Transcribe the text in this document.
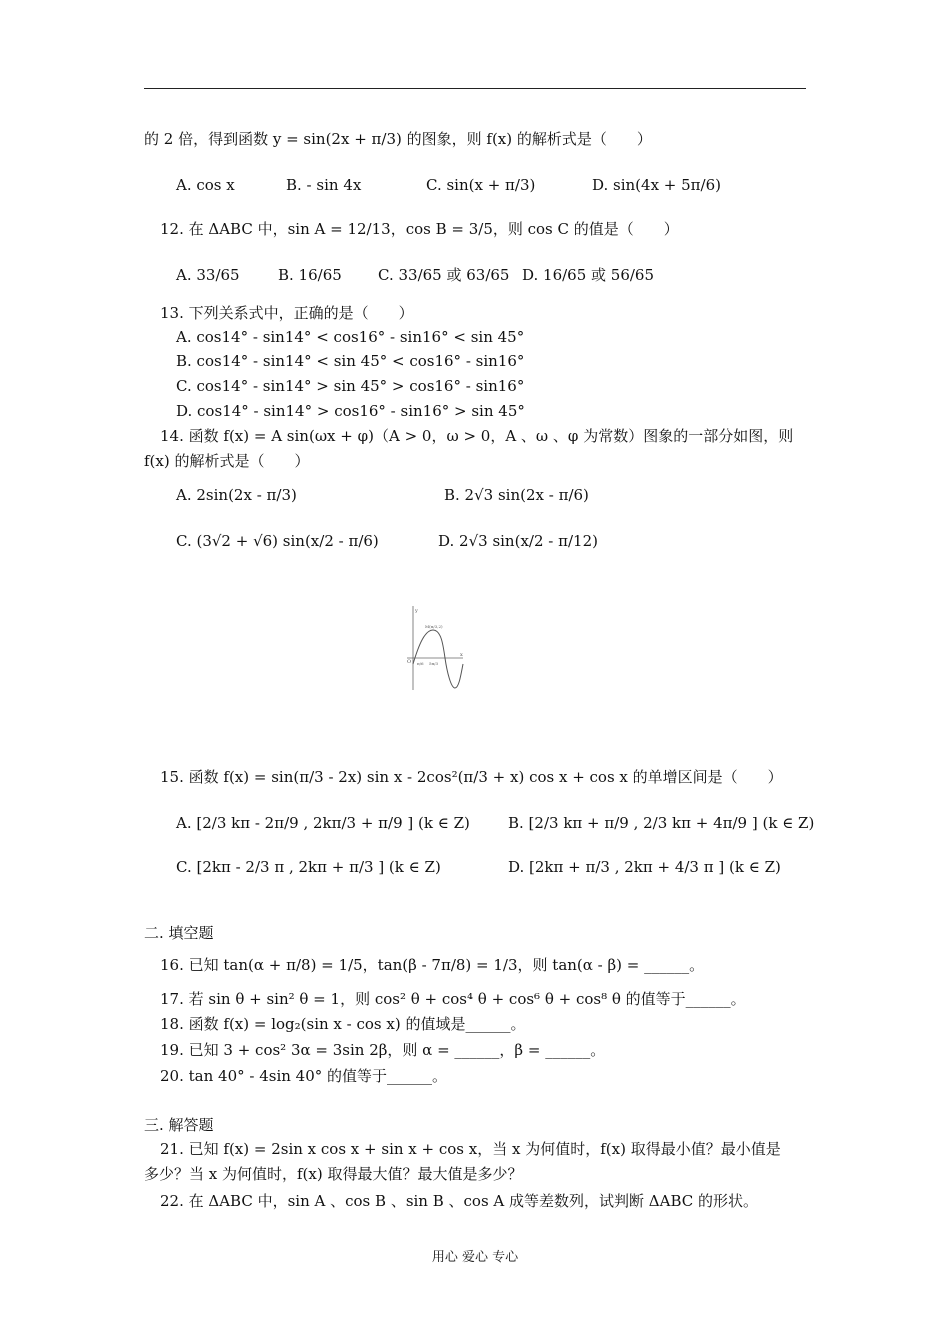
的 2 倍，得到函数 y = sin(2x + π/3) 的图象，则 f(x) 的解析式是（　　）
A. cos x	B. - sin 4x	C. sin(x + π/3)	D. sin(4x + 5π/6)
12. 在 ΔABC 中，sin A = 12/13，cos B = 3/5，则 cos C 的值是（　　）
A. 33/65	B. 16/65 C. 33/65 或 63/65 D. 16/65 或 56/65
13. 下列关系式中，正确的是（　　）
A. cos14° - sin14° < cos16° - sin16° < sin 45°
B. cos14° - sin14° < sin 45° < cos16° - sin16°
C. cos14° - sin14° > sin 45° > cos16° - sin16°
D. cos14° - sin14° > cos16° - sin16° > sin 45°
14. 函数 f(x) = A sin(ωx + φ)（A > 0，ω > 0，A 、ω 、φ 为常数）图象的一部分如图，则
f(x) 的解析式是（　　）
A. 2sin(2x - π/3)	B. 2√3 sin(2x - π/6)
C. (3√2 + √6) sin(x/2 - π/6)	D. 2√3 sin(x/2 - π/12)
y
x
O π/6 5π/3
M(π/3,2)
15. 函数 f(x) = sin(π/3 - 2x) sin x - 2cos²(π/3 + x) cos x + cos x 的单增区间是（　　）
A. [2/3 kπ - 2π/9 , 2kπ/3 + π/9 ] (k ∈ Z)	B. [2/3 kπ + π/9 , 2/3 kπ + 4π/9 ] (k ∈ Z)
C. [2kπ - 2/3 π , 2kπ + π/3 ] (k ∈ Z)	D. [2kπ + π/3 , 2kπ + 4/3 π ] (k ∈ Z)
二. 填空题
16. 已知 tan(α + π/8) = 1/5，tan(β - 7π/8) = 1/3，则 tan(α - β) = ______。
17. 若 sin θ + sin² θ = 1，则 cos² θ + cos⁴ θ + cos⁶ θ + cos⁸ θ 的值等于______。
18. 函数 f(x) = log₂(sin x - cos x) 的值域是______。
19. 已知 3 + cos² 3α = 3sin 2β，则 α = ______，β = ______。
20. tan 40° - 4sin 40° 的值等于______。
三. 解答题
21. 已知 f(x) = 2sin x cos x + sin x + cos x，当 x 为何值时，f(x) 取得最小值？最小值是
多少？当 x 为何值时，f(x) 取得最大值？最大值是多少？
22. 在 ΔABC 中，sin A 、cos B 、sin B 、cos A 成等差数列，试判断 ΔABC 的形状。
用心 爱心 专心
